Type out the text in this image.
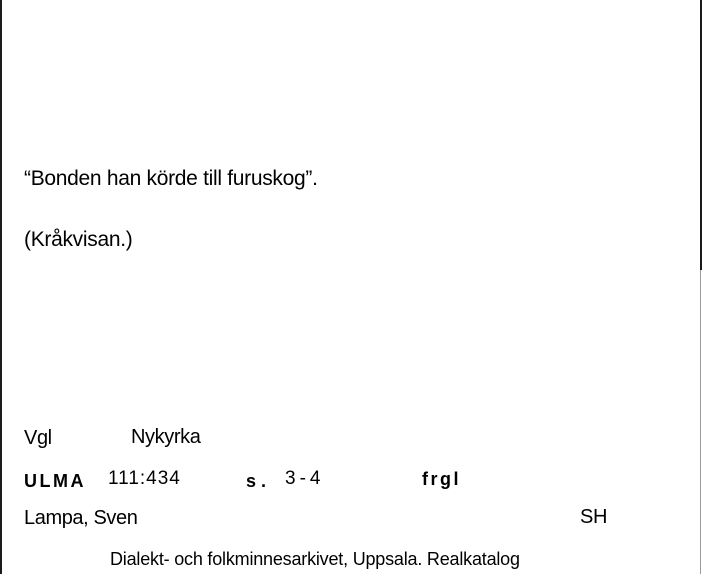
“Bonden han körde till furuskog”.
(Kråkvisan.)
Vgl	Nykyrka
ULMA 111:434	s. 3-4	frgl
Lampa, Sven	SH
Dialekt- och folkminnesarkivet, Uppsala. Realkatalog
